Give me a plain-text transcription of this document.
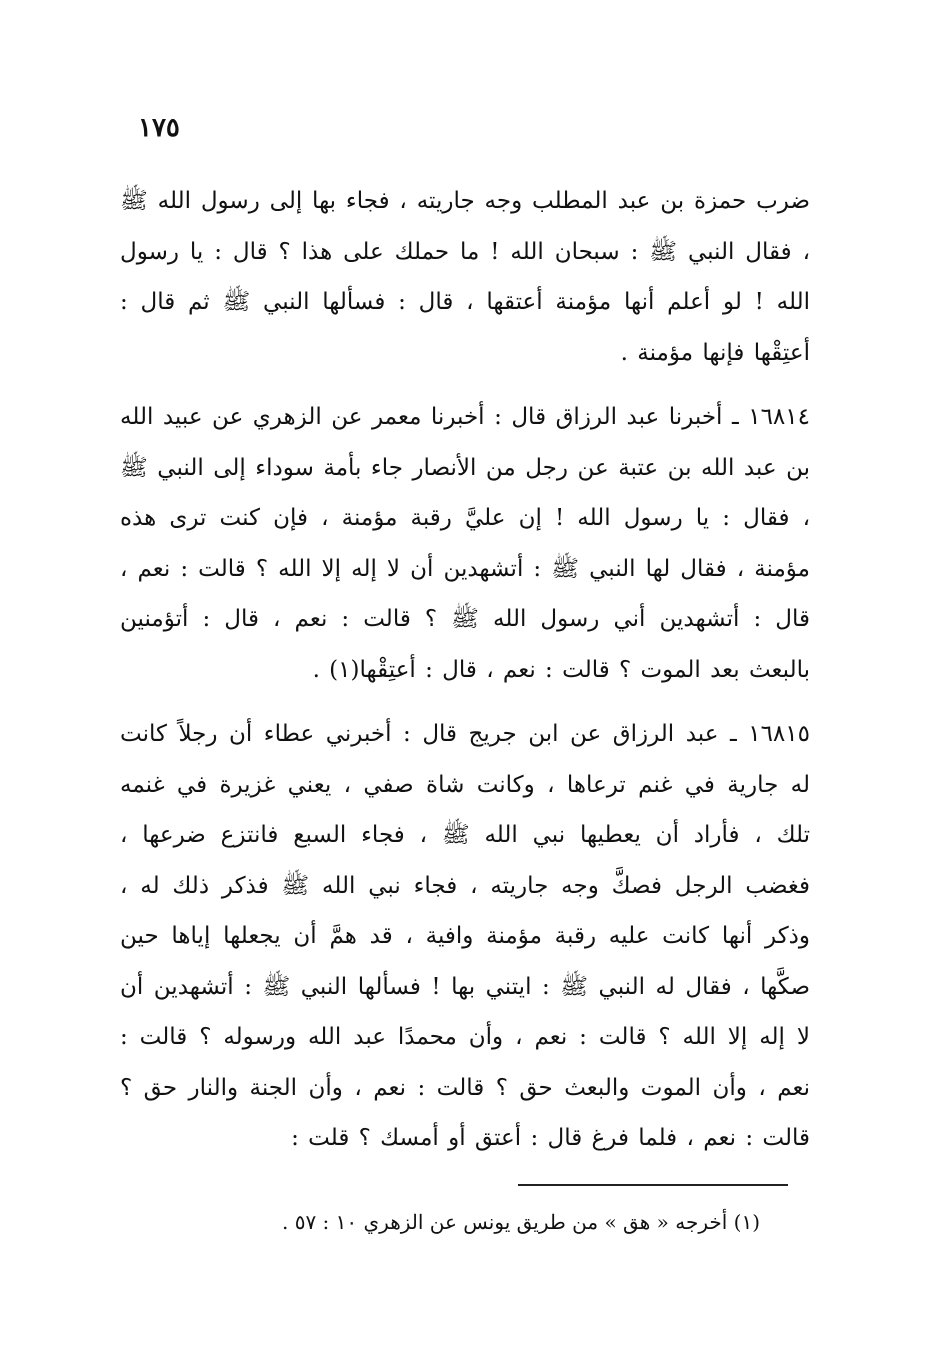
١٧٥

ضرب حمزة بن عبد المطلب وجه جاريته ، فجاء بها إلى رسول الله ﷺ ، فقال النبي ﷺ : سبحان الله ! ما حملك على هذا ؟ قال : يا رسول الله ! لو أعلم أنها مؤمنة أعتقها ، قال : فسألها النبي ﷺ ثم قال : أعتِقْها فإنها مؤمنة .

١٦٨١٤ ـ أخبرنا عبد الرزاق قال : أخبرنا معمر عن الزهري عن عبيد الله بن عبد الله بن عتبة عن رجل من الأنصار جاء بأمة سوداء إلى النبي ﷺ ، فقال : يا رسول الله ! إن عليَّ رقبة مؤمنة ، فإن كنت ترى هذه مؤمنة ، فقال لها النبي ﷺ : أتشهدين أن لا إله إلا الله ؟ قالت : نعم ، قال : أتشهدين أني رسول الله ﷺ ؟ قالت : نعم ، قال : أتؤمنين بالبعث بعد الموت ؟ قالت : نعم ، قال : أعتِقْها(١) .

١٦٨١٥ ـ عبد الرزاق عن ابن جريج قال : أخبرني عطاء أن رجلاً كانت له جارية في غنم ترعاها ، وكانت شاة صفي ، يعني غزيرة في غنمه تلك ، فأراد أن يعطيها نبي الله ﷺ ، فجاء السبع فانتزع ضرعها ، فغضب الرجل فصكَّ وجه جاريته ، فجاء نبي الله ﷺ فذكر ذلك له ، وذكر أنها كانت عليه رقبة مؤمنة وافية ، قد همَّ أن يجعلها إياها حين صكَّها ، فقال له النبي ﷺ : ايتني بها ! فسألها النبي ﷺ : أتشهدين أن لا إله إلا الله ؟ قالت : نعم ، وأن محمدًا عبد الله ورسوله ؟ قالت : نعم ، وأن الموت والبعث حق ؟ قالت : نعم ، وأن الجنة والنار حق ؟ قالت : نعم ، فلما فرغ قال : أعتق أو أمسك ؟ قلت :

(١) أخرجه « هق » من طريق يونس عن الزهري ١٠ : ٥٧ .
